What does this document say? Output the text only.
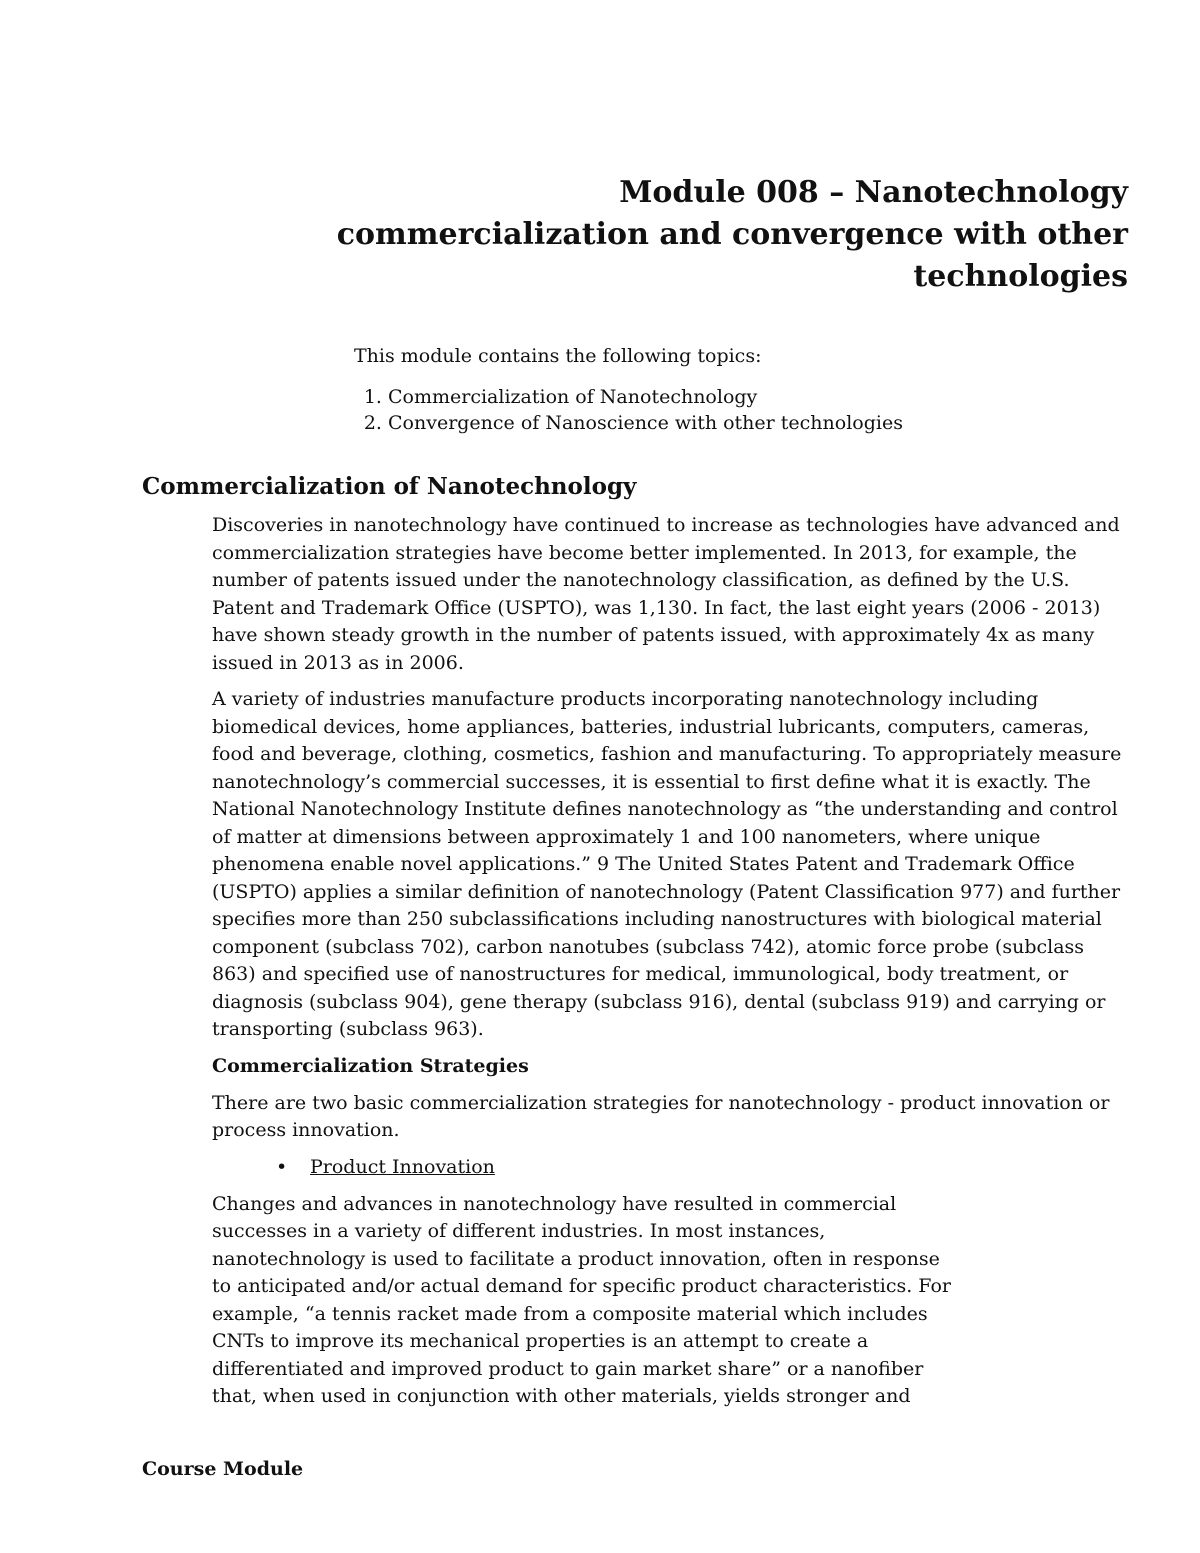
Module 008 – Nanotechnology
commercialization and convergence with other
technologies

This module contains the following topics:

1. Commercialization of Nanotechnology
2. Convergence of Nanoscience with other technologies
Commercialization of Nanotechnology

Discoveries in nanotechnology have continued to increase as technologies have advanced and commercialization strategies have become better implemented. In 2013, for example, the number of patents issued under the nanotechnology classification, as defined by the U.S. Patent and Trademark Office (USPTO), was 1,130. In fact, the last eight years (2006 - 2013) have shown steady growth in the number of patents issued, with approximately 4x as many issued in 2013 as in 2006.

A variety of industries manufacture products incorporating nanotechnology including biomedical devices, home appliances, batteries, industrial lubricants, computers, cameras, food and beverage, clothing, cosmetics, fashion and manufacturing. To appropriately measure nanotechnology’s commercial successes, it is essential to first define what it is exactly. The National Nanotechnology Institute defines nanotechnology as “the understanding and control of matter at dimensions between approximately 1 and 100 nanometers, where unique phenomena enable novel applications.” 9 The United States Patent and Trademark Office (USPTO) applies a similar definition of nanotechnology (Patent Classification 977) and further specifies more than 250 subclassifications including nanostructures with biological material component (subclass 702), carbon nanotubes (subclass 742), atomic force probe (subclass 863) and specified use of nanostructures for medical, immunological, body treatment, or diagnosis (subclass 904), gene therapy (subclass 916), dental (subclass 919) and carrying or transporting (subclass 963).

Commercialization Strategies

There are two basic commercialization strategies for nanotechnology - product innovation or process innovation.

• Product Innovation

Changes and advances in nanotechnology have resulted in commercial successes in a variety of different industries. In most instances, nanotechnology is used to facilitate a product innovation, often in response to anticipated and/or actual demand for specific product characteristics. For example, “a tennis racket made from a composite material which includes CNTs to improve its mechanical properties is an attempt to create a differentiated and improved product to gain market share” or a nanofiber that, when used in conjunction with other materials, yields stronger and

Course Module
